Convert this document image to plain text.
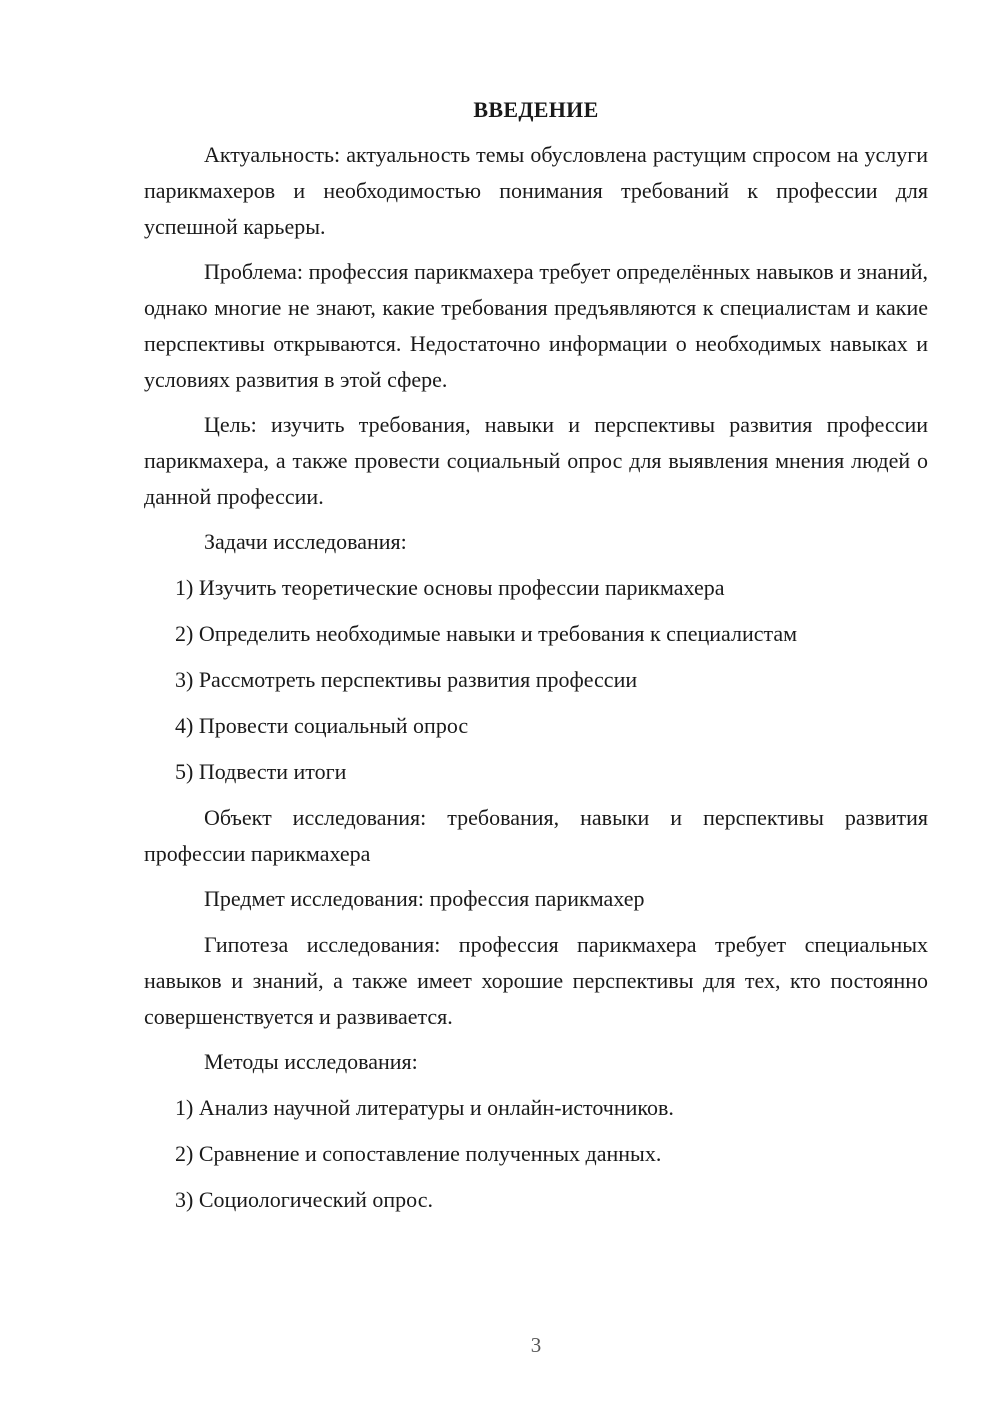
ВВЕДЕНИЕ
Актуальность: актуальность темы обусловлена растущим спросом на услуги парикмахеров и необходимостью понимания требований к профессии для успешной карьеры.
Проблема: профессия парикмахера требует определённых навыков и знаний, однако многие не знают, какие требования предъявляются к специалистам и какие перспективы открываются. Недостаточно информации о необходимых навыках и условиях развития в этой сфере.
Цель: изучить требования, навыки и перспективы развития профессии парикмахера, а также провести социальный опрос для выявления мнения людей о данной профессии.
Задачи исследования:
1) Изучить теоретические основы профессии парикмахера
2) Определить необходимые навыки и требования к специалистам
3) Рассмотреть перспективы развития профессии
4) Провести социальный опрос
5) Подвести итоги
Объект исследования: требования, навыки и перспективы развития профессии парикмахера
Предмет исследования: профессия парикмахер
Гипотеза исследования: профессия парикмахера требует специальных навыков и знаний, а также имеет хорошие перспективы для тех, кто постоянно совершенствуется и развивается.
Методы исследования:
1) Анализ научной литературы и онлайн-источников.
2) Сравнение и сопоставление полученных данных.
3) Социологический опрос.
3
